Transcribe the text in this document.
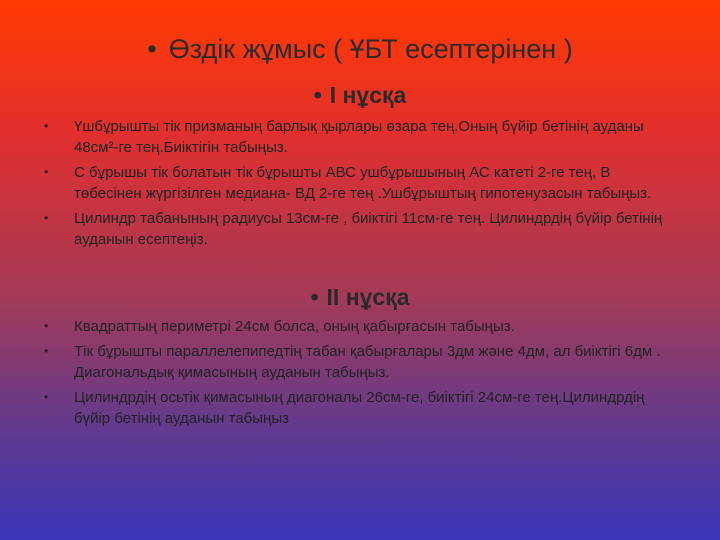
• Өздік жұмыс ( ҰБТ есептерінен )
• I нұсқа
• Үшбұрышты тік призманың барлық қырлары өзара тең.Оның бүйір бетінің ауданы 48см²-ге тең.Биіктігін табыңыз.
• С бұрышы тік болатын тік бұрышты АВС ушбұрышының АС катеті 2-ге тең, В төбесінен жүргізілген медиана- ВД 2-ге тең .Ушбұрыштың гипотенузасын табыңыз.
• Цилиндр табанының радиусы 13см-ге , биіктігі 11см-ге тең. Цилиндрдің бүйір бетінің ауданын есептеңіз.
• II нұсқа
• Квадраттың периметрі 24см болса, оның қабырғасын табыңыз.
• Тік бұрышты параллелепипедтің табан қабырғалары 3дм және 4дм, ал биіктігі 6дм . Диагональдық қимасының ауданын табыңыз.
• Цилиндрдің осьтік қимасының диагоналы 26см-ге, биіктігі 24см-ге тең.Цилиндрдің бүйір бетінің ауданын табыңыз
